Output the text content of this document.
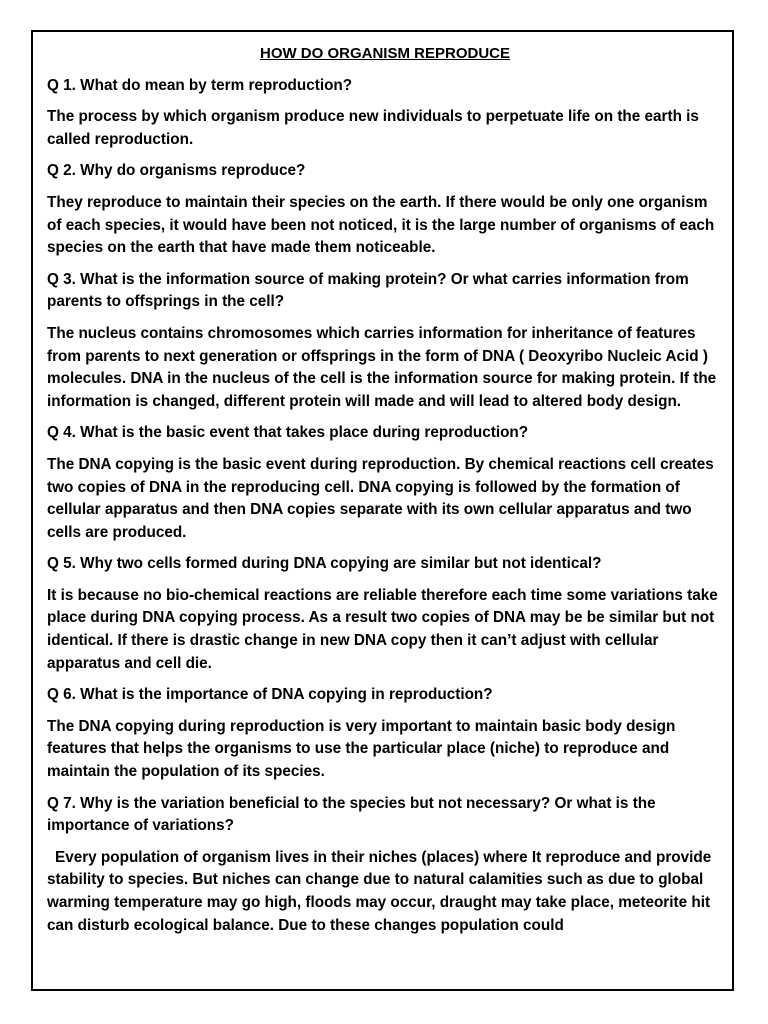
HOW DO ORGANISM REPRODUCE

Q 1. What do mean by term reproduction?

The process by which organism produce new individuals to perpetuate life on the earth is called reproduction.

Q 2. Why do organisms reproduce?

They reproduce to maintain their species on the earth. If there would be only one organism of each species, it would have been not noticed, it is the large number of organisms of each species on the earth that have made them noticeable.

Q 3. What is the information source of making protein? Or what carries information from parents to offsprings in the cell?

The nucleus contains chromosomes which carries information for inheritance of features from parents to next generation or offsprings in the form of DNA ( Deoxyribo Nucleic Acid ) molecules. DNA in the nucleus of the cell is the information source for making protein. If the information is changed, different protein will made and will lead to altered body design.

Q 4. What is the basic event that takes place during reproduction?

The DNA copying is the basic event during reproduction. By chemical reactions cell creates two copies of DNA in the reproducing cell. DNA copying is followed by the formation of cellular apparatus and then DNA copies separate with its own cellular apparatus and two cells are produced.

Q 5. Why two cells formed during DNA copying are similar but not identical?

It is because no bio-chemical reactions are reliable therefore each time some variations take place during DNA copying process. As a result two copies of DNA may be be similar but not identical. If there is drastic change in new DNA copy then it can’t adjust with cellular apparatus and cell die.

Q 6. What is the importance of DNA copying in reproduction?

The DNA copying during reproduction is very important to maintain basic body design features that helps the organisms to use the particular place (niche) to reproduce and maintain the population of its species.

Q 7. Why is the variation beneficial to the species but not necessary? Or what is the importance of variations?

Every population of organism lives in their niches (places) where It reproduce and provide stability to species. But niches can change due to natural calamities such as due to global warming temperature may go high, floods may occur, draught may take place, meteorite hit can disturb ecological balance. Due to these changes population could
